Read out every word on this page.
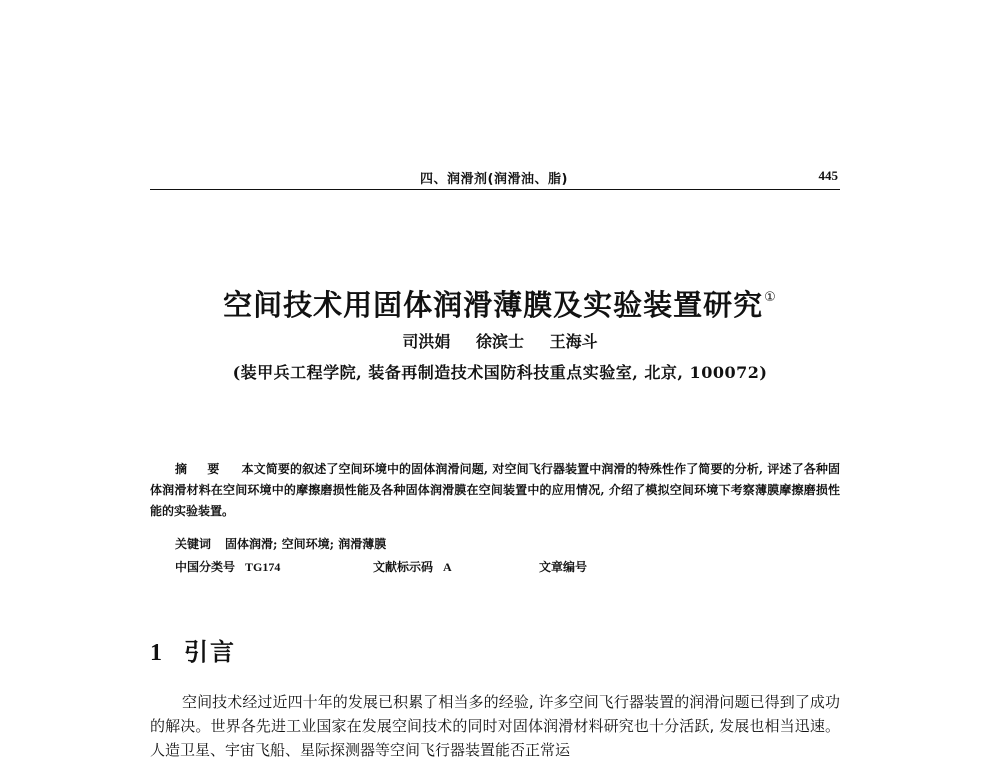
四、润滑剂(润滑油、脂)	445
空间技术用固体润滑薄膜及实验装置研究①
司洪娟 徐滨士 王海斗
(装甲兵工程学院, 装备再制造技术国防科技重点实验室, 北京, 100072)
摘 要 本文简要的叙述了空间环境中的固体润滑问题, 对空间飞行器装置中润滑的特殊性作了简要的分析, 评述了各种固体润滑材料在空间环境中的摩擦磨损性能及各种固体润滑膜在空间装置中的应用情况, 介绍了模拟空间环境下考察薄膜摩擦磨损性能的实验装置。
关键词 固体润滑; 空间环境; 润滑薄膜
中国分类号 TG174	文献标示码 A	文章编号
1 引言

空间技术经过近四十年的发展已积累了相当多的经验, 许多空间飞行器装置的润滑问题已得到了成功的解决。世界各先进工业国家在发展空间技术的同时对固体润滑材料研究也十分活跃, 发展也相当迅速。人造卫星、宇宙飞船、星际探测器等空间飞行器装置能否正常运
